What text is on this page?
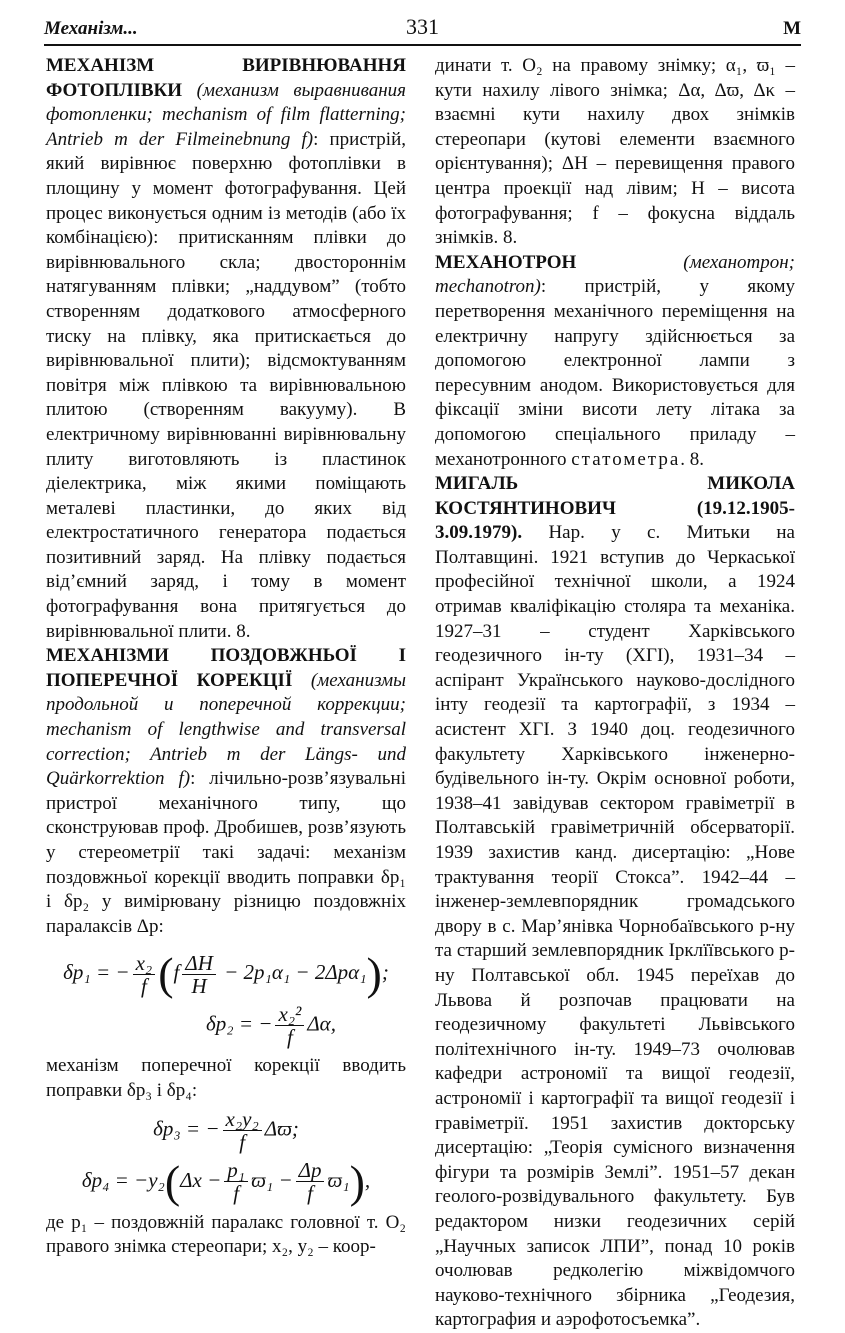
Механізм...	331	М

МЕХАНІЗМ ВИРІВНЮВАННЯ ФОТОПЛІВКИ (механизм выравнивания фотопленки; mechanism of film flatterning; Antrieb m der Filmeinebnung f): пристрій, який вирівнює поверхню фотоплівки в площину у момент фотографування. Цей процес виконується одним із методів (або їх комбінацією): притисканням плівки до вирівнювального скла; двостороннім натягуванням плівки; „наддувом” (тобто створенням додаткового атмосферного тиску на плівку, яка притискається до вирівнювальної плити); відсмоктуванням повітря між плівкою та вирівнювальною плитою (створенням вакууму). В електричному вирівнюванні вирівнювальну плиту виготовляють із пластинок діелектрика, між якими поміщають металеві пластинки, до яких від електростатичного генератора подається позитивний заряд. На плівку подається від’ємний заряд, і тому в момент фотографування вона притягується до вирівнювальної плити. 8.

МЕХАНІЗМИ ПОЗДОВЖНЬОЇ І ПОПЕРЕЧНОЇ КОРЕКЦІЇ (механизмы продольной и поперечной коррекции; mechanism of lengthwise and transversal correction; Antrieb m der Längs- und Quärkorrektion f): лічильно-розв’язувальні пристрої механічного типу, що сконструював проф. Дробишев, розв’язують у стереометрії такі задачі: механізм поздовжньої корекції вводить поправки δp₁ і δp₂ у вимірювану різницю поздовжніх паралаксів Δp:

δp₁ = − $\frac{\text{x₂}}{f} (f \frac{\Delta H}{H} - 2p_1\alpha_1 - 2\Delta p\alpha_1)$;
δp₂ = − $\frac{\text{x₂²}}{f} \Delta\alpha$,

механізм поперечної корекції вводить поправки δp₃ і δp₄:

δp₃ = − $\frac{\text{x₂y₂}}{f} \Delta ϖ$;
$\delta p_4 = -y_2(\Delta x - \frac{\text{p₁}}{f} ϖ_1 - \frac{\Delta p}{f} ϖ_1)$,

де p₁ – поздовжній паралакс головної т. O₂ правого знімка стереопари; x₂, y₂ – коор-

динати т. O₂ на правому знімку; α₁, ϖ₁ – кути нахилу лівого знімка; Δα, Δϖ, Δκ – взаємні кути нахилу двох знімків стереопари (кутові елементи взаємного орієнтування); ΔH – перевищення правого центра проекції над лівим; H – висота фотографування; f – фокусна віддаль знімків. 8.

МЕХАНОТРОН	(механотрон; mechanotron): пристрій, у якому перетворення механічного переміщення на електричну напругу здійснюється за допомогою електронної лампи з пересувним анодом. Використовується для фіксації зміни висоти лету літака за допомогою спеціального приладу – механотронного статометра. 8.

МИГАЛЬ МИКОЛА КОСТЯНТИНОВИЧ (19.12.1905-3.09.1979). Нар. у с. Митьки на Полтавщині. 1921 вступив до Черкаської професійної технічної школи, а 1924 отримав кваліфікацію столяра та механіка. 1927–31 – студент Харківського геодезичного ін-ту (ХГІ), 1931–34 – аспірант Українського науково-дослідного інту геодезії та картографії, з 1934 – асистент ХГІ. З 1940 доц. геодезичного факультету Харківського інженерно-будівельного ін-ту. Окрім основної роботи, 1938–41 завідував сектором гравіметрії в Полтавській гравіметричній обсерваторії. 1939 захистив канд. дисертацію: „Нове трактування теорії Стокса”. 1942–44 – інженер-землевпорядник громадського двору в с. Мар’янівка Чорнобаївського р-ну та старший землевпорядник Ірклїївського р-ну Полтавської обл. 1945 переїхав до Львова й розпочав працювати на геодезичному факультеті Львівського політехнічного ін-ту. 1949–73 очолював кафедри астрономії та вищої геодезії, астрономії і картографії та вищої геодезії і гравіметрії. 1951 захистив докторську дисертацію: „Теорія сумісного визначення фігури та розмірів Землі”. 1951–57 декан геолого-розвідувального факультету. Був редактором низки геодезичних серій „Научных записок ЛПИ”, понад 10 років очолював редколегію міжвідомчого науково-технічного збірника „Геодезия, картография и аэрофотосъемка”.
